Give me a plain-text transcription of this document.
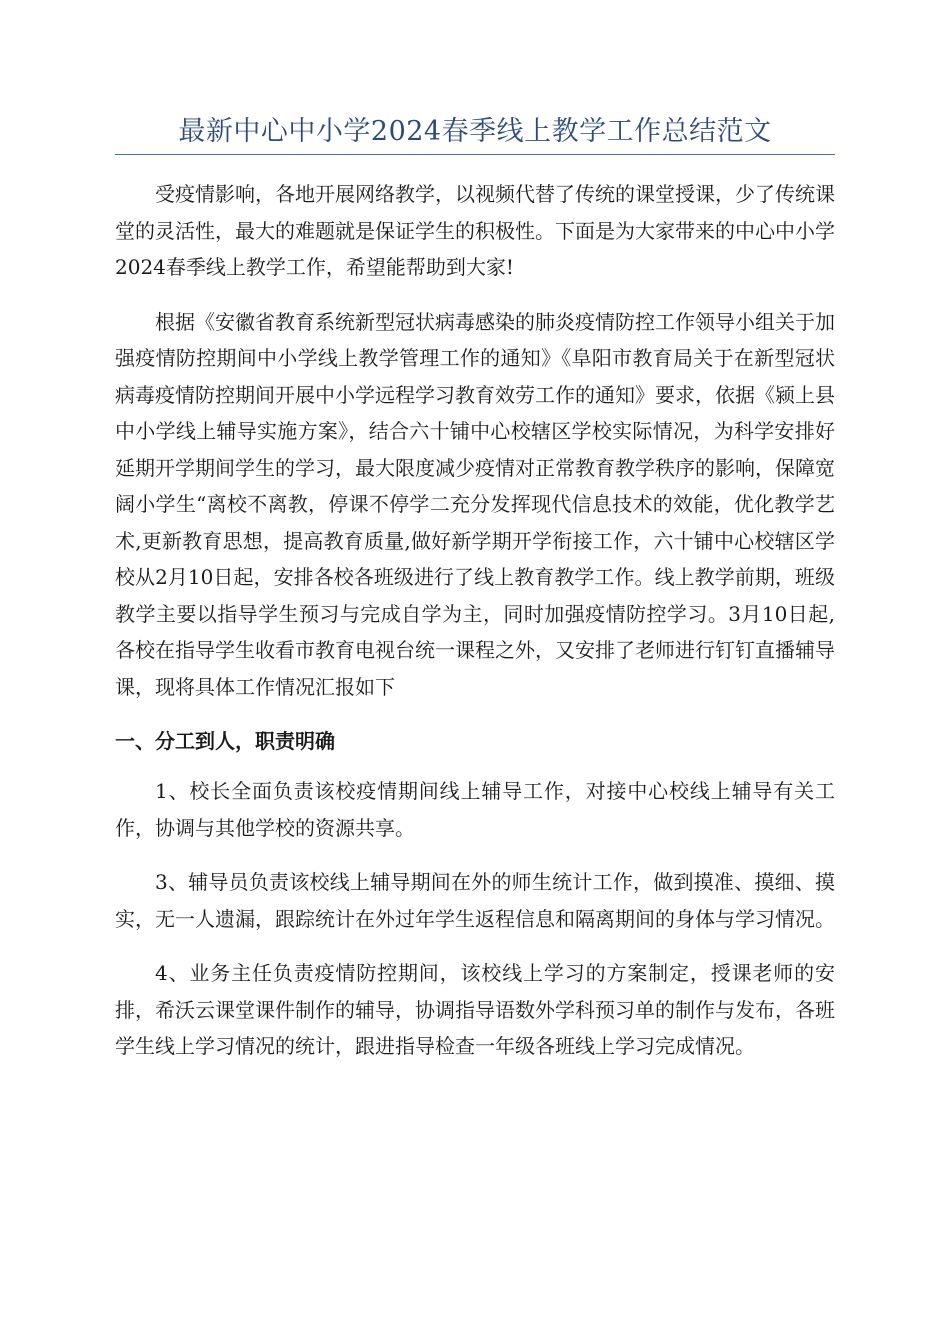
最新中心中小学2024春季线上教学工作总结范文

受疫情影响，各地开展网络教学，以视频代替了传统的课堂授课，少了传统课堂的灵活性，最大的难题就是保证学生的积极性。下面是为大家带来的中心中小学2024春季线上教学工作，希望能帮助到大家!

根据《安徽省教育系统新型冠状病毒感染的肺炎疫情防控工作领导小组关于加强疫情防控期间中小学线上教学管理工作的通知》《阜阳市教育局关于在新型冠状病毒疫情防控期间开展中小学远程学习教育效劳工作的通知》要求，依据《颍上县中小学线上辅导实施方案》，结合六十铺中心校辖区学校实际情况，为科学安排好延期开学期间学生的学习，最大限度减少疫情对正常教育教学秩序的影响，保障宽阔小学生“离校不离教，停课不停学二充分发挥现代信息技术的效能，优化教学艺术,更新教育思想，提高教育质量,做好新学期开学衔接工作，六十铺中心校辖区学校从2月10日起，安排各校各班级进行了线上教育教学工作。线上教学前期，班级教学主要以指导学生预习与完成自学为主，同时加强疫情防控学习。3月10日起,各校在指导学生收看市教育电视台统一课程之外，又安排了老师进行钉钉直播辅导课，现将具体工作情况汇报如下

一、分工到人，职责明确

1、校长全面负责该校疫情期间线上辅导工作，对接中心校线上辅导有关工作，协调与其他学校的资源共享。

3、辅导员负责该校线上辅导期间在外的师生统计工作，做到摸准、摸细、摸实，无一人遗漏，跟踪统计在外过年学生返程信息和隔离期间的身体与学习情况。

4、业务主任负责疫情防控期间，该校线上学习的方案制定，授课老师的安排，希沃云课堂课件制作的辅导，协调指导语数外学科预习单的制作与发布，各班学生线上学习情况的统计，跟进指导检查一年级各班线上学习完成情况。
